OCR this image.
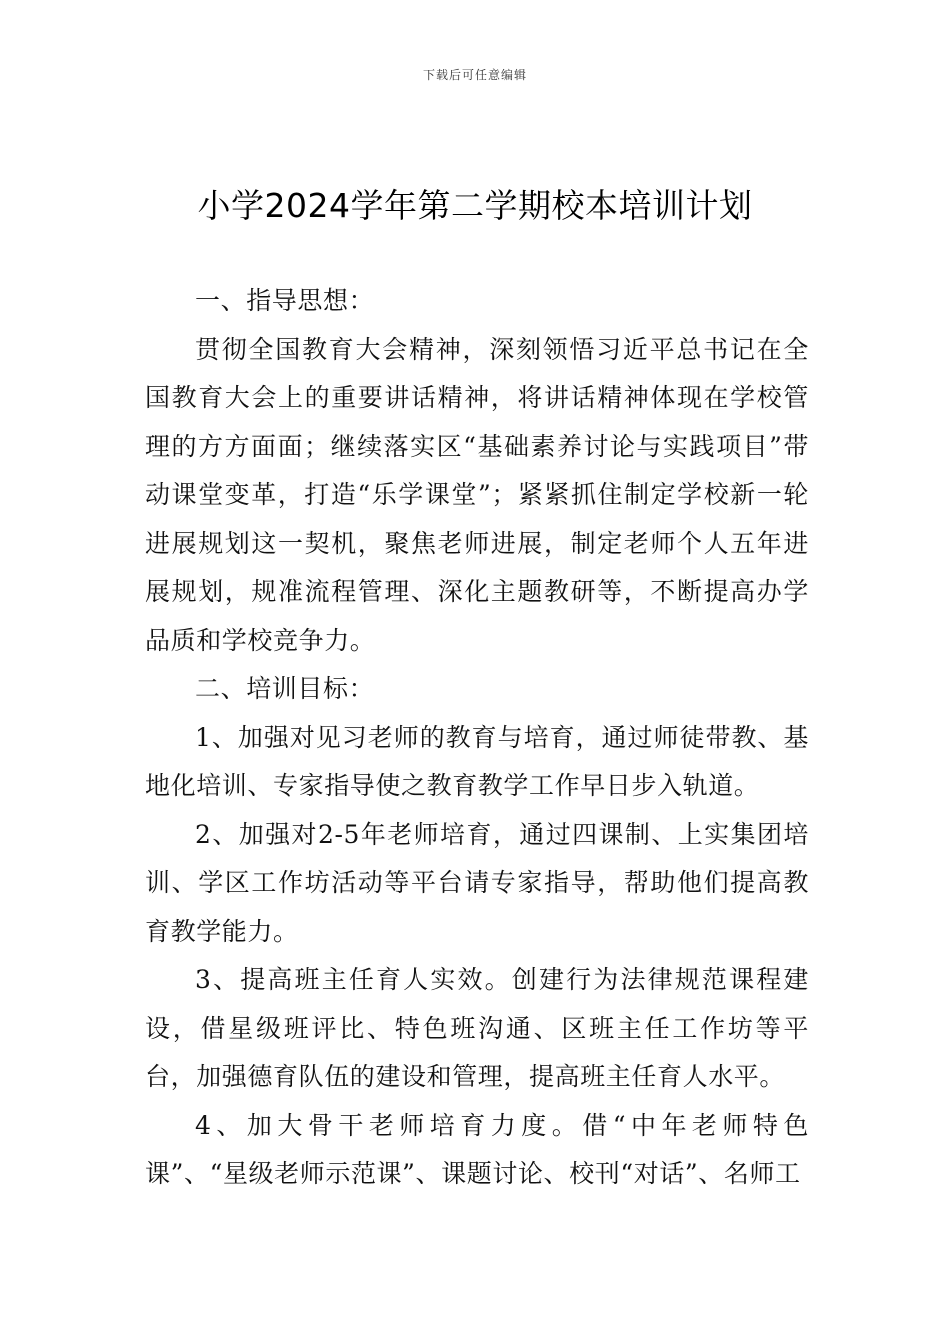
下载后可任意编辑
小学2024学年第二学期校本培训计划

一、指导思想：

贯彻全国教育大会精神，深刻领悟习近平总书记在全国教育大会上的重要讲话精神，将讲话精神体现在学校管理的方方面面；继续落实区“基础素养讨论与实践项目”带动课堂变革，打造“乐学课堂”；紧紧抓住制定学校新一轮进展规划这一契机，聚焦老师进展，制定老师个人五年进展规划，规准流程管理、深化主题教研等，不断提高办学品质和学校竞争力。

二、培训目标：

1、加强对见习老师的教育与培育，通过师徒带教、基地化培训、专家指导使之教育教学工作早日步入轨道。

2、加强对2-5年老师培育，通过四课制、上实集团培训、学区工作坊活动等平台请专家指导，帮助他们提高教育教学能力。

3、提高班主任育人实效。创建行为法律规范课程建设，借星级班评比、特色班沟通、区班主任工作坊等平台，加强德育队伍的建设和管理，提高班主任育人水平。

4、加大骨干老师培育力度。借“中年老师特色课”、“星级老师示范课”、课题讨论、校刊“对话”、名师工
